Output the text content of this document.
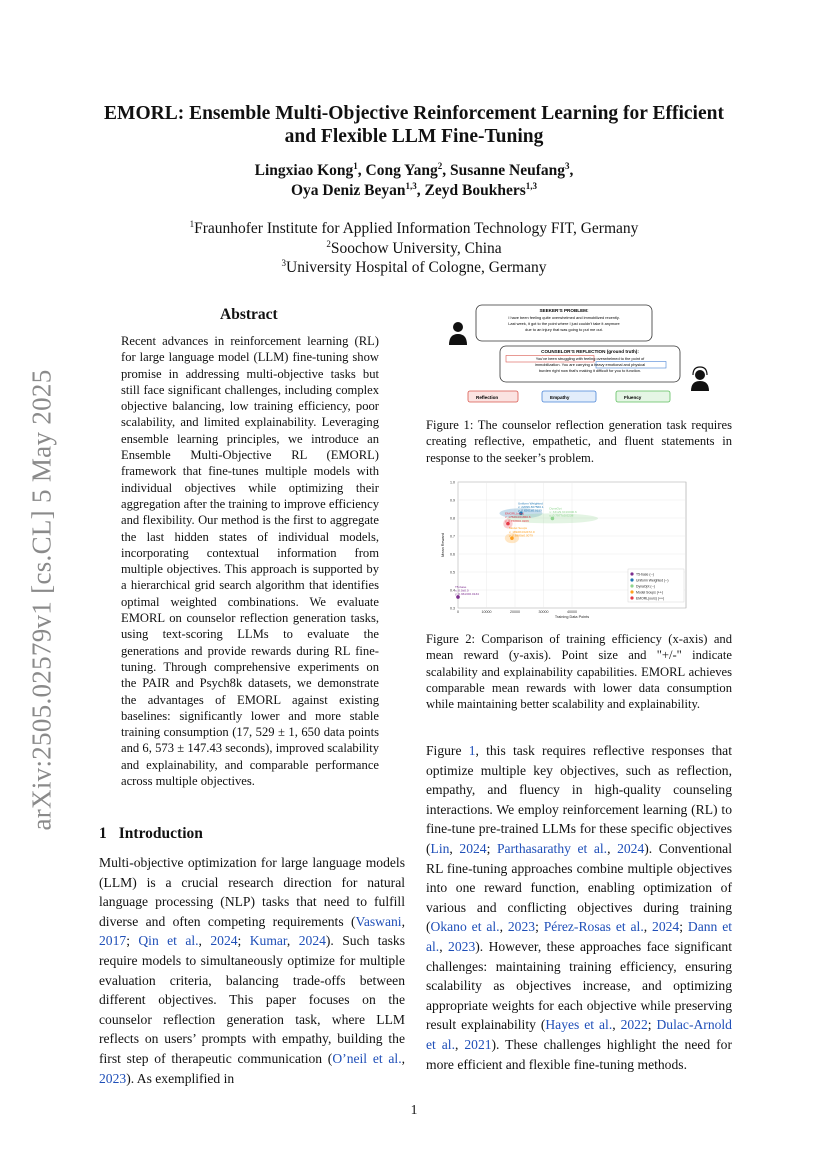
arXiv:2505.02579v1 [cs.CL] 5 May 2025
EMORL: Ensemble Multi-Objective Reinforcement Learning for Efficient
and Flexible LLM Fine-Tuning
Lingxiao Kong$^1$, Cong Yang$^2$, Susanne Neufang$^3$,
Oya Deniz Beyan$^{1,3}$, Zeyd Boukhers$^{1,3}$
$^1$Fraunhofer Institute for Applied Information Technology FIT, Germany
$^2$Soochow University, China
$^3$University Hospital of Cologne, Germany
Abstract
Recent advances in reinforcement learning (RL) for large language model (LLM) fine-tuning show promise in addressing multi-objective tasks but still face significant challenges, including complex objective balancing, low training efficiency, poor scalability, and limited explainability. Leveraging ensemble learning principles, we introduce an Ensemble Multi-Objective RL (EMORL) framework that fine-tunes multiple models with individual objectives while optimizing their aggregation after the training to improve efficiency and flexibility. Our method is the first to aggregate the last hidden states of individual models, incorporating contextual information from multiple objectives. This approach is supported by a hierarchical grid search algorithm that identifies optimal weighted combinations. We evaluate EMORL on counselor reflection generation tasks, using text-scoring LLMs to evaluate the generations and provide rewards during RL fine-tuning. Through comprehensive experiments on the PAIR and Psych8k datasets, we demonstrate the advantages of EMORL against existing baselines: significantly lower and more stable training consumption (17, 529 ± 1, 650 data points and 6, 573 ± 147.43 seconds), improved scalability and explainability, and comparable performance across multiple objectives.
1 Introduction
Multi-objective optimization for large language models (LLM) is a crucial research direction for natural language processing (NLP) tasks that need to fulfill diverse and often competing requirements (Vaswani, 2017; Qin et al., 2024; Kumar, 2024). Such tasks require models to simultaneously optimize for multiple evaluation criteria, balancing trade-offs between different objectives. This paper focuses on the counselor reflection generation task, where LLM reflects on users’ prompts with empathy, building the first step of therapeutic communication (O’neil et al., 2023). As exemplified in
Figure 1, this task requires reflective responses that optimize multiple key objectives, such as reflection, empathy, and fluency in high-quality counseling interactions. We employ reinforcement learning (RL) to fine-tune pre-trained LLMs for these specific objectives (Lin, 2024; Parthasarathy et al., 2024). Conventional RL fine-tuning approaches combine multiple objectives into one reward function, enabling optimization of various and conflicting objectives during training (Okano et al., 2023; Pérez-Rosas et al., 2024; Dann et al., 2023). However, these approaches face significant challenges: maintaining training efficiency, ensuring scalability as objectives increase, and optimizing appropriate weights for each objective while preserving result explainability (Hayes et al., 2022; Dulac-Arnold et al., 2021). These challenges highlight the need for more efficient and flexible fine-tuning methods.
SEEKER’S PROBLEM:
I have been feeling quite overwhelmed and immobilized recently.
Last week, it got to the point where I just couldn't take it anymore
due to an injury that was going to put me out.
COUNSELOR’S REFLECTION (ground truth):
You've been struggling with feeling overwhelmed to the point of
immobilization. You are carrying a heavy emotional and physical
burden right now that's making it difficult for you to function.
Reflection	Empathy	Fluency
Figure 1: The counselor reflection generation task requires creating reflective, empathetic, and fluent statements in response to the seeker’s problem.
0.3
0.4
0.5
0.6
0.7
0.8
0.9
1.0
0	10000	20000	30000	40000
Training Data Points
Mean Reward
T5-base
x: 0.0±0.0
y: 0.3613±0.0134
Uniform Weighted
x: 22096.8±7560.1
y: 0.8261±0.0199
DynaOpt
x: 33129.6±16000.6
y: 0.7977±0.0238
Model Soups
x: 18928.0±2472.0
y: 0.6880±0.0079
EMORL(ours)
x: 17529.0±1650.6
y: 0.7688±0.0206
T5-base (--)
Uniform Weighted (--)
DynaOpt (--)
Model Soups (++)
EMORL(ours) (++)
Figure 2: Comparison of training efficiency (x-axis) and mean reward (y-axis). Point size and "+/-" indicate scalability and explainability capabilities. EMORL achieves comparable mean rewards with lower data consumption while maintaining better scalability and explainability.
1
